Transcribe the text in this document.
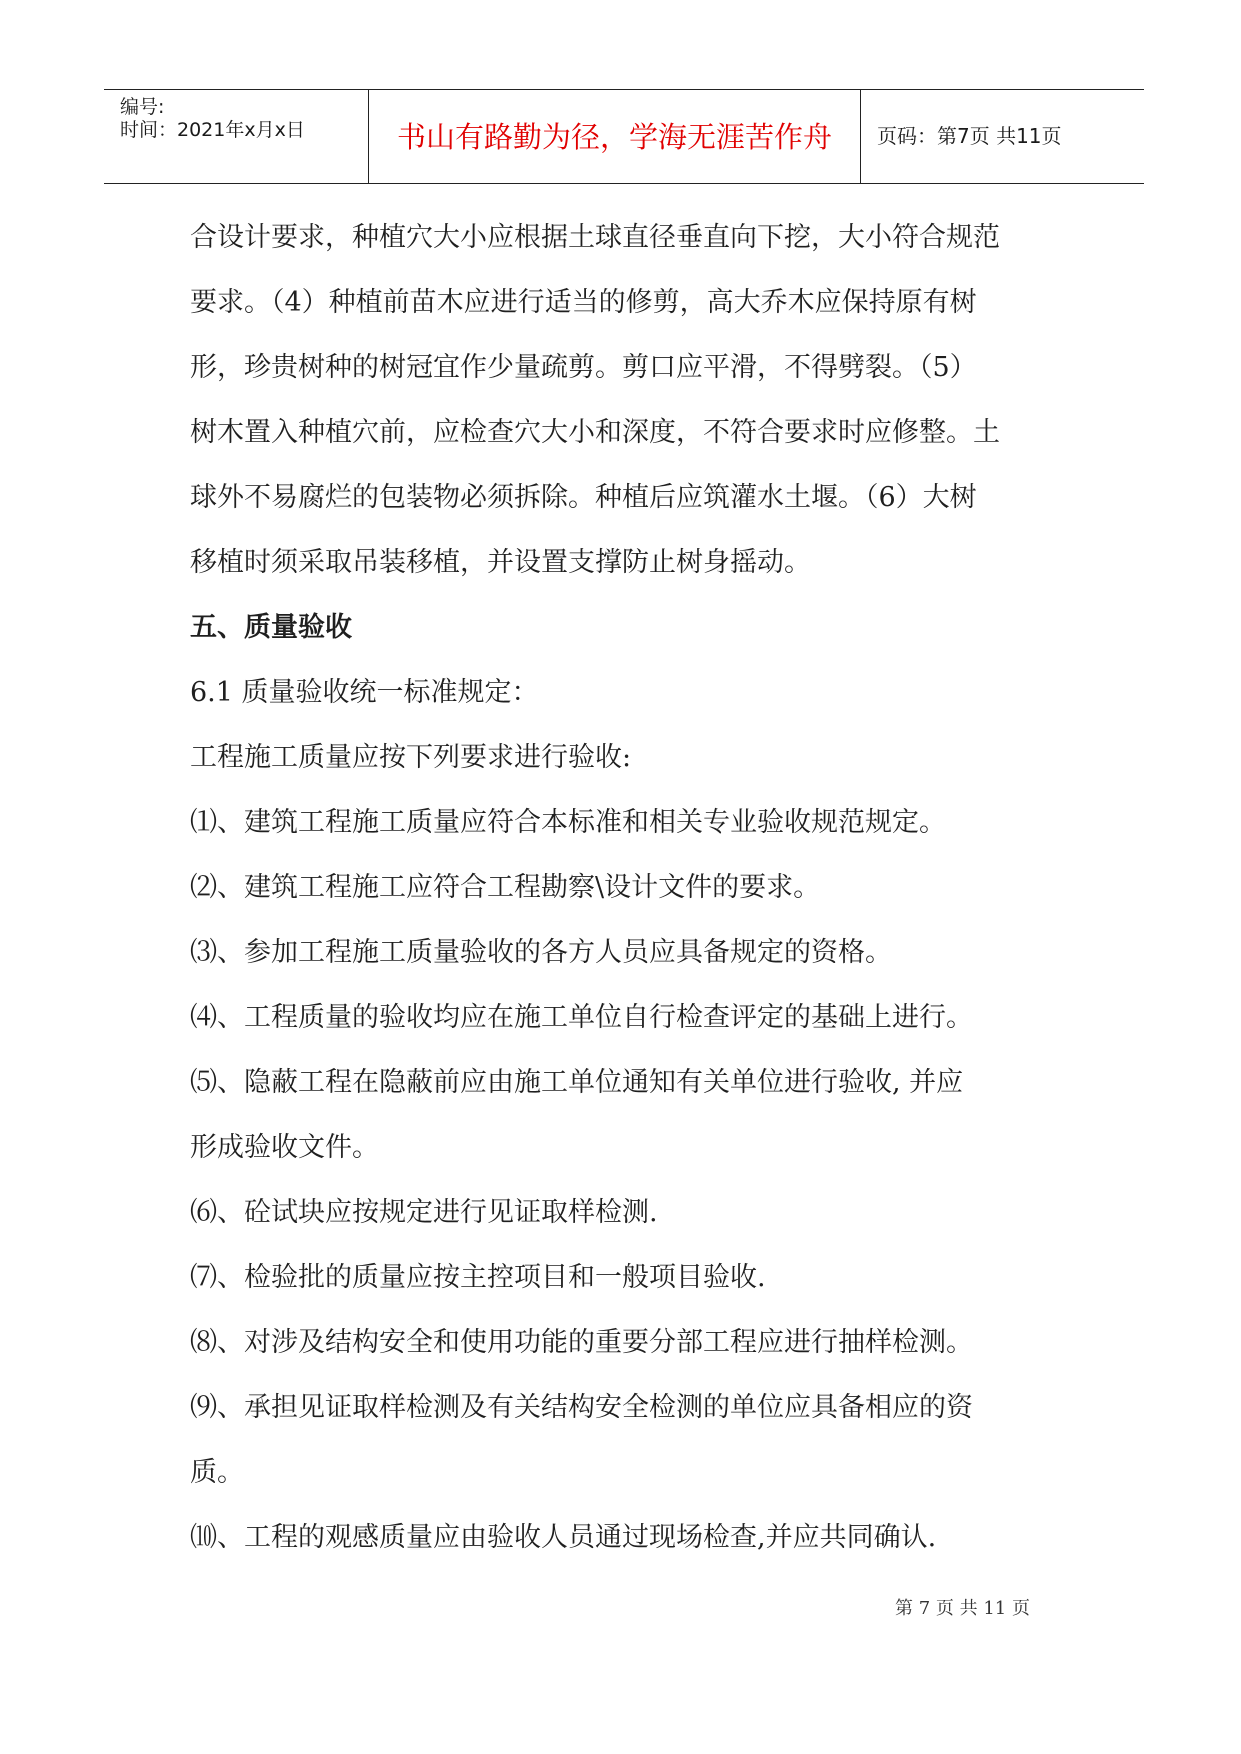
编号:
时间：2021年x月x日	书山有路勤为径，学海无涯苦作舟	页码：第7页 共11页
合设计要求，种植穴大小应根据土球直径垂直向下挖，大小符合规范
要求。（4）种植前苗木应进行适当的修剪，高大乔木应保持原有树
形，珍贵树种的树冠宜作少量疏剪。剪口应平滑，不得劈裂。（5）
树木置入种植穴前，应检查穴大小和深度，不符合要求时应修整。土
球外不易腐烂的包装物必须拆除。种植后应筑灌水土堰。（6）大树
移植时须采取吊装移植，并设置支撑防止树身摇动。
五、质量验收
6.1 质量验收统一标准规定：
工程施工质量应按下列要求进行验收:
⑴、建筑工程施工质量应符合本标准和相关专业验收规范规定。
⑵、建筑工程施工应符合工程勘察\设计文件的要求。
⑶、参加工程施工质量验收的各方人员应具备规定的资格。
⑷、工程质量的验收均应在施工单位自行检查评定的基础上进行。
⑸、隐蔽工程在隐蔽前应由施工单位通知有关单位进行验收, 并应
形成验收文件。
⑹、砼试块应按规定进行见证取样检测.
⑺、检验批的质量应按主控项目和一般项目验收.
⑻、对涉及结构安全和使用功能的重要分部工程应进行抽样检测。
⑼、承担见证取样检测及有关结构安全检测的单位应具备相应的资
质。
⑽、工程的观感质量应由验收人员通过现场检查,并应共同确认.
第 7 页 共 11 页
